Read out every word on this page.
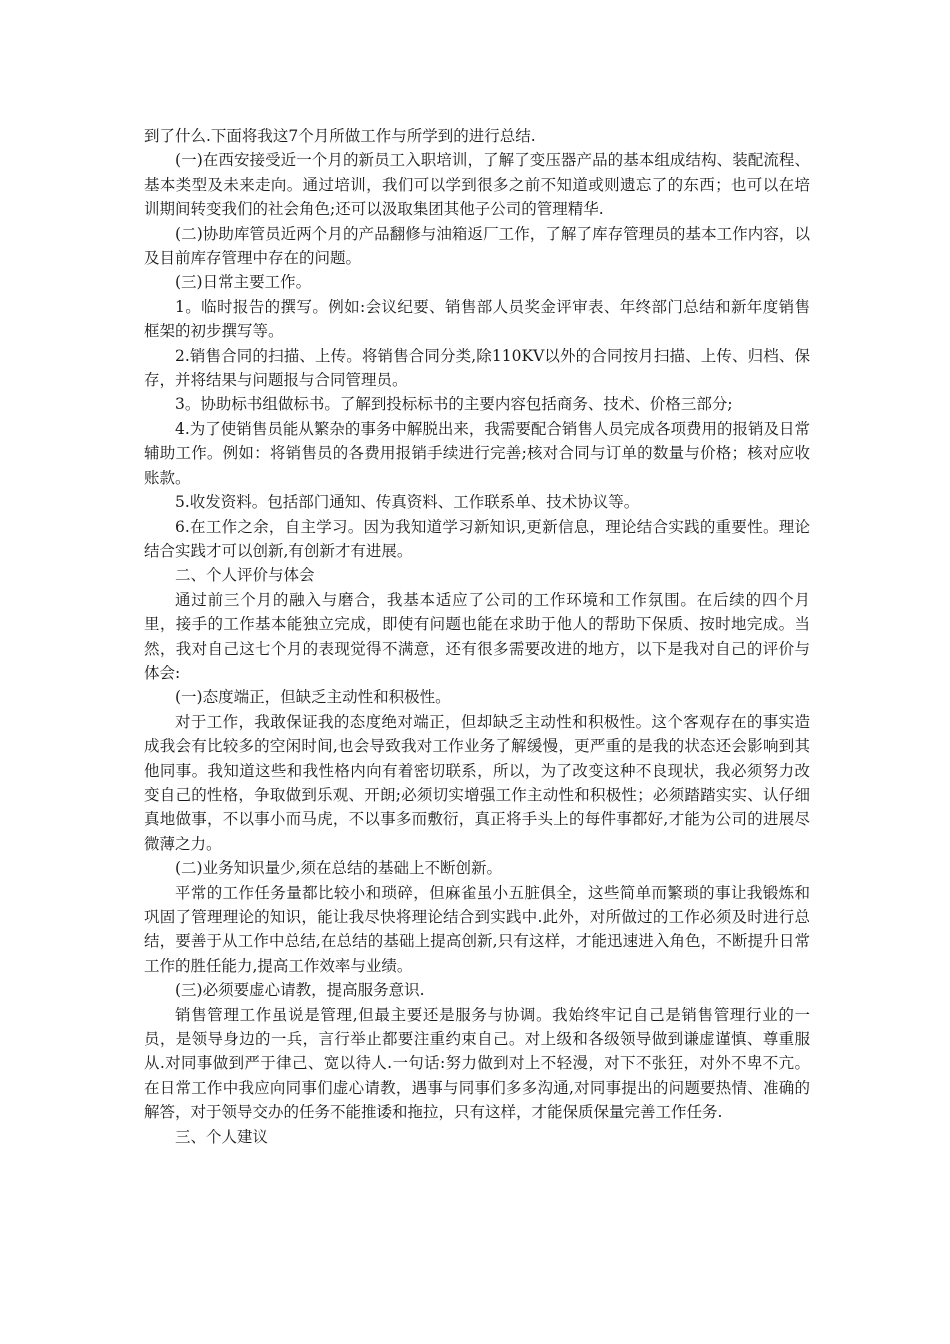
到了什么.下面将我这7个月所做工作与所学到的进行总结.

(一)在西安接受近一个月的新员工入职培训，了解了变压器产品的基本组成结构、装配流程、基本类型及未来走向。通过培训，我们可以学到很多之前不知道或则遗忘了的东西；也可以在培训期间转变我们的社会角色;还可以汲取集团其他子公司的管理精华.

(二)协助库管员近两个月的产品翻修与油箱返厂工作，了解了库存管理员的基本工作内容，以及目前库存管理中存在的问题。

(三)日常主要工作。

1。临时报告的撰写。例如:会议纪要、销售部人员奖金评审表、年终部门总结和新年度销售框架的初步撰写等。

2.销售合同的扫描、上传。将销售合同分类,除110KV以外的合同按月扫描、上传、归档、保存，并将结果与问题报与合同管理员。

3。协助标书组做标书。了解到投标标书的主要内容包括商务、技术、价格三部分;

4.为了使销售员能从繁杂的事务中解脱出来，我需要配合销售人员完成各项费用的报销及日常辅助工作。例如：将销售员的各费用报销手续进行完善;核对合同与订单的数量与价格；核对应收账款。

5.收发资料。包括部门通知、传真资料、工作联系单、技术协议等。

6.在工作之余，自主学习。因为我知道学习新知识,更新信息，理论结合实践的重要性。理论结合实践才可以创新,有创新才有进展。

二、个人评价与体会

通过前三个月的融入与磨合，我基本适应了公司的工作环境和工作氛围。在后续的四个月里，接手的工作基本能独立完成，即使有问题也能在求助于他人的帮助下保质、按时地完成。当然，我对自己这七个月的表现觉得不满意，还有很多需要改进的地方，以下是我对自己的评价与体会:

(一)态度端正，但缺乏主动性和积极性。

对于工作，我敢保证我的态度绝对端正，但却缺乏主动性和积极性。这个客观存在的事实造成我会有比较多的空闲时间,也会导致我对工作业务了解缓慢，更严重的是我的状态还会影响到其他同事。我知道这些和我性格内向有着密切联系，所以，为了改变这种不良现状，我必须努力改变自己的性格，争取做到乐观、开朗;必须切实增强工作主动性和积极性；必须踏踏实实、认仔细真地做事，不以事小而马虎，不以事多而敷衍，真正将手头上的每件事都好,才能为公司的进展尽微薄之力。

(二)业务知识量少,须在总结的基础上不断创新。

平常的工作任务量都比较小和琐碎，但麻雀虽小五脏俱全，这些简单而繁琐的事让我锻炼和巩固了管理理论的知识，能让我尽快将理论结合到实践中.此外，对所做过的工作必须及时进行总结，要善于从工作中总结,在总结的基础上提高创新,只有这样，才能迅速进入角色，不断提升日常工作的胜任能力,提高工作效率与业绩。

(三)必须要虚心请教，提高服务意识.

销售管理工作虽说是管理,但最主要还是服务与协调。我始终牢记自己是销售管理行业的一员，是领导身边的一兵，言行举止都要注重约束自己。对上级和各级领导做到谦虚谨慎、尊重服从.对同事做到严于律己、宽以待人.一句话:努力做到对上不轻漫，对下不张狂，对外不卑不亢。在日常工作中我应向同事们虚心请教，遇事与同事们多多沟通,对同事提出的问题要热情、准确的解答，对于领导交办的任务不能推诿和拖拉，只有这样，才能保质保量完善工作任务.

三、个人建议
